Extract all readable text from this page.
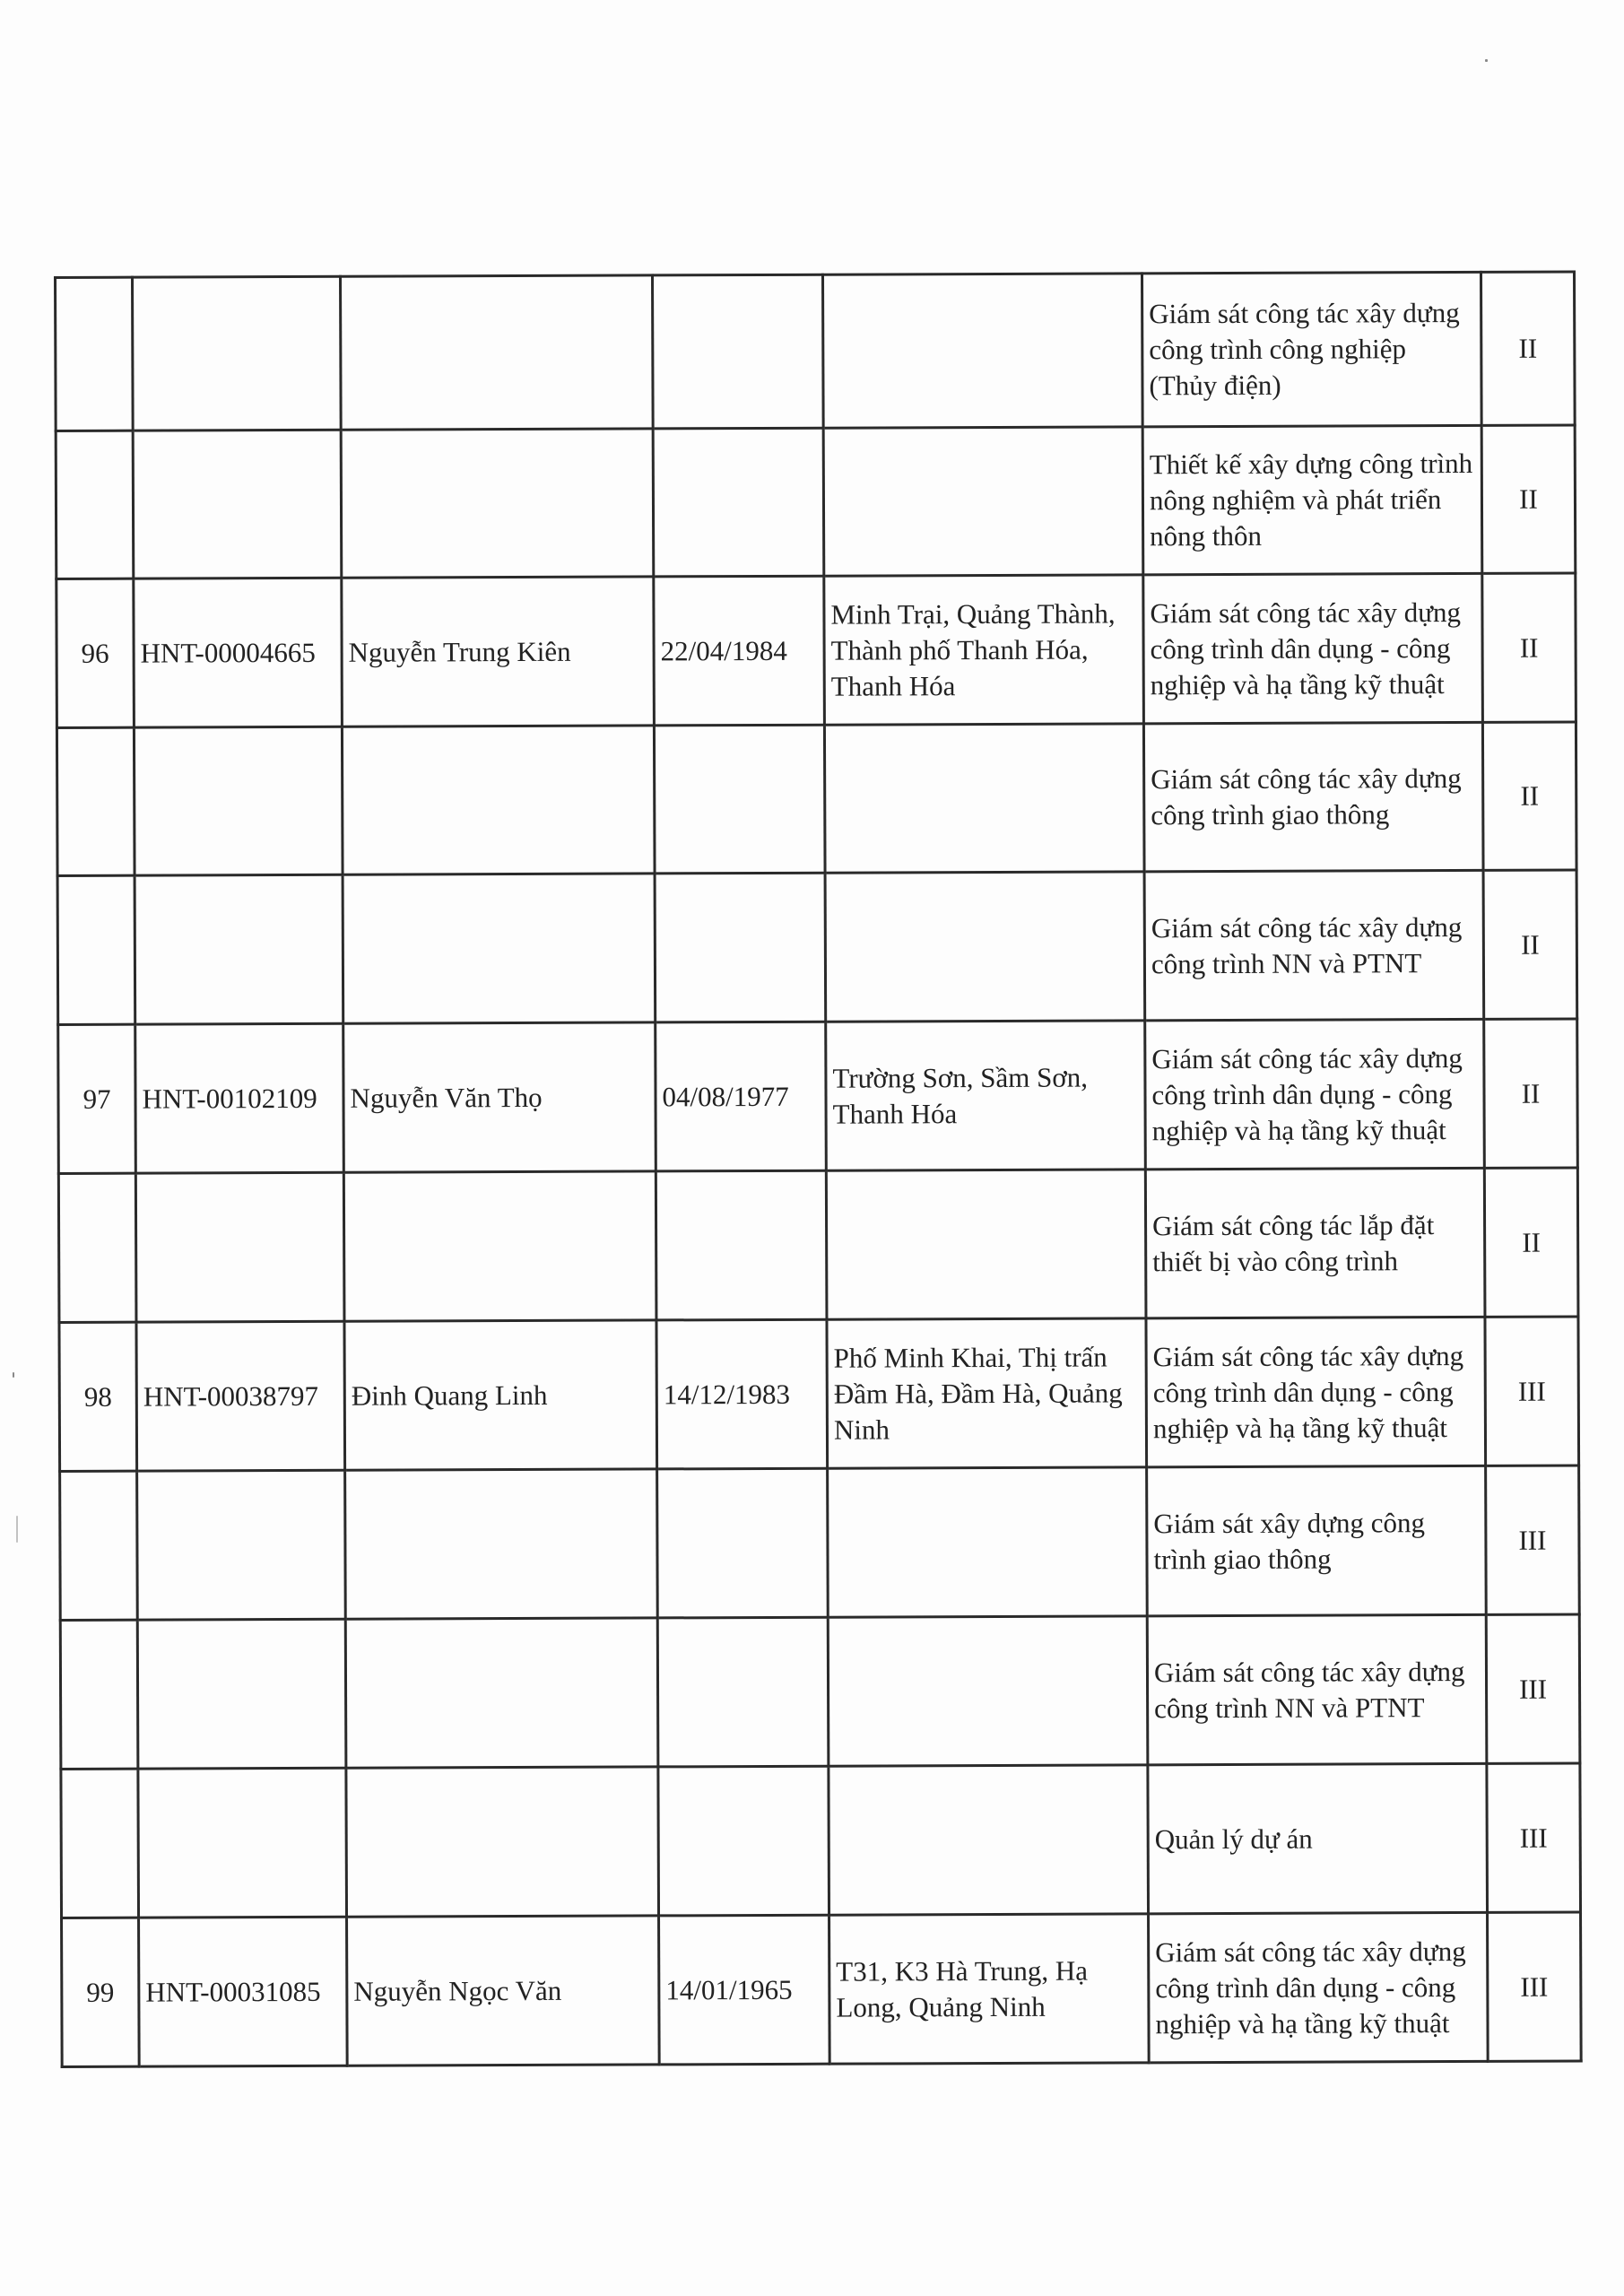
					Giám sát công tác xây dựng công trình công nghiệp (Thủy điện)	II
					Thiết kế xây dựng công trình nông nghiệm và phát triển nông thôn	II
96	HNT-00004665	Nguyễn Trung Kiên	22/04/1984	Minh Trại, Quảng Thành, Thành phố Thanh Hóa, Thanh Hóa	Giám sát công tác xây dựng công trình dân dụng - công nghiệp và hạ tầng kỹ thuật	II
					Giám sát công tác xây dựng công trình giao thông	II
					Giám sát công tác xây dựng công trình NN và PTNT	II
97	HNT-00102109	Nguyễn Văn Thọ	04/08/1977	Trường Sơn, Sầm Sơn, Thanh Hóa	Giám sát công tác xây dựng công trình dân dụng - công nghiệp và hạ tầng kỹ thuật	II
					Giám sát công tác lắp đặt thiết bị vào công trình	II
98	HNT-00038797	Đinh Quang Linh	14/12/1983	Phố Minh Khai, Thị trấn Đầm Hà, Đầm Hà, Quảng Ninh	Giám sát công tác xây dựng công trình dân dụng - công nghiệp và hạ tầng kỹ thuật	III
					Giám sát xây dựng công trình giao thông	III
					Giám sát công tác xây dựng công trình NN và PTNT	III
					Quản lý dự án	III
99	HNT-00031085	Nguyễn Ngọc Văn	14/01/1965	T31, K3 Hà Trung, Hạ Long, Quảng Ninh	Giám sát công tác xây dựng công trình dân dụng - công nghiệp và hạ tầng kỹ thuật	III
